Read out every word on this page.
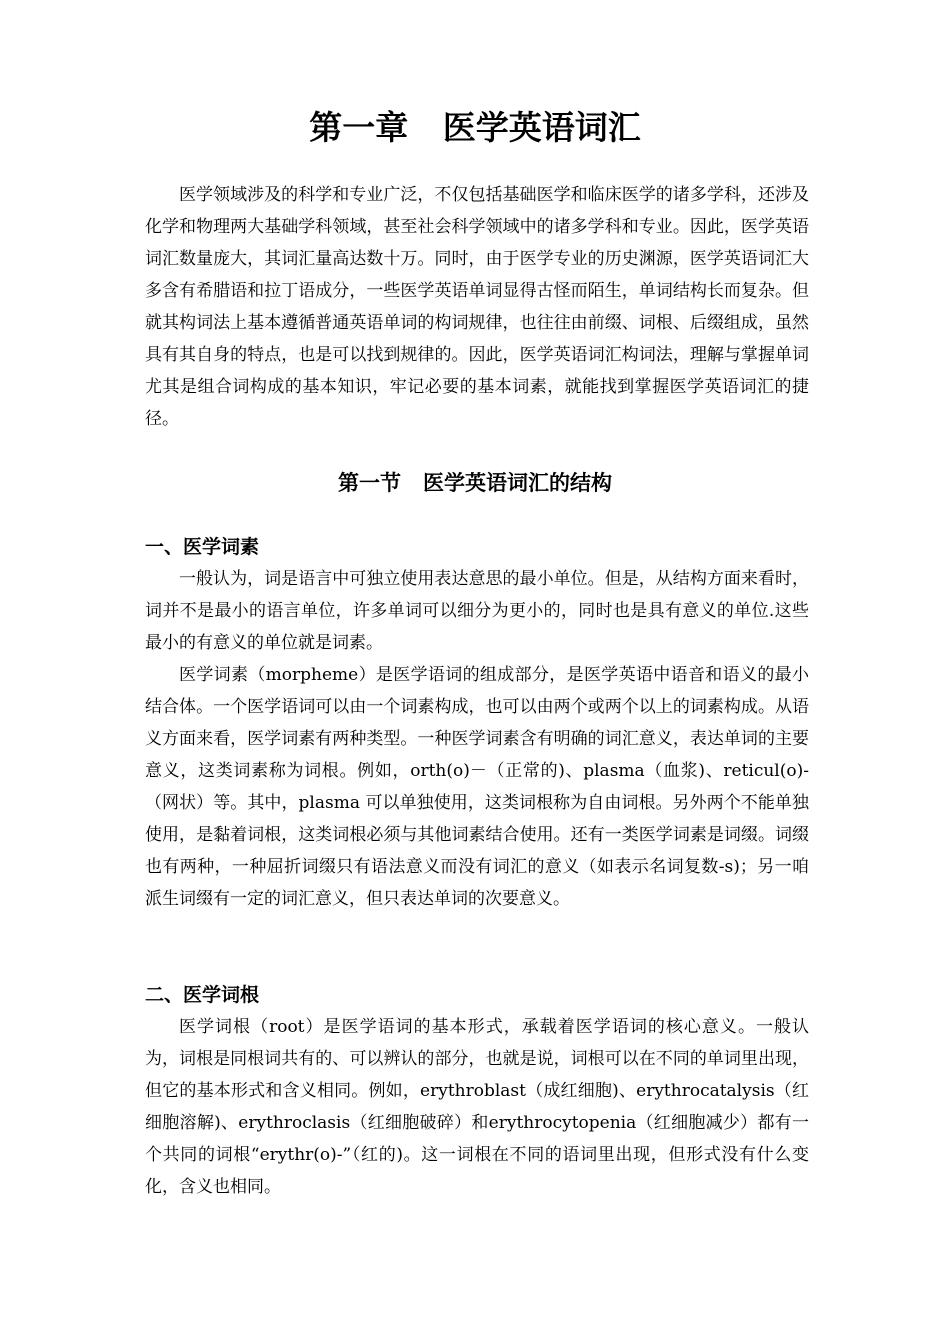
第一章   医学英语词汇

医学领域涉及的科学和专业广泛，不仅包括基础医学和临床医学的诸多学科，还涉及化学和物理两大基础学科领域，甚至社会科学领域中的诸多学科和专业。因此，医学英语词汇数量庞大，其词汇量高达数十万。同时，由于医学专业的历史渊源，医学英语词汇大多含有希腊语和拉丁语成分，一些医学英语单词显得古怪而陌生，单词结构长而复杂。但就其构词法上基本遵循普通英语单词的构词规律，也往往由前缀、词根、后缀组成，虽然具有其自身的特点，也是可以找到规律的。因此，医学英语词汇构词法，理解与掌握单词尤其是组合词构成的基本知识，牢记必要的基本词素，就能找到掌握医学英语词汇的捷径。

第一节   医学英语词汇的结构
一、医学词素

一般认为，词是语言中可独立使用表达意思的最小单位。但是，从结构方面来看时，词并不是最小的语言单位，许多单词可以细分为更小的，同时也是具有意义的单位.这些最小的有意义的单位就是词素。

医学词素（morpheme）是医学语词的组成部分，是医学英语中语音和语义的最小结合体。一个医学语词可以由一个词素构成，也可以由两个或两个以上的词素构成。从语义方面来看，医学词素有两种类型。一种医学词素含有明确的词汇意义，表达单词的主要意义，这类词素称为词根。例如，orth(o)－（正常的)、plasma（血浆)、reticul(o)-（网状）等。其中，plasma 可以单独使用，这类词根称为自由词根。另外两个不能单独使用，是黏着词根，这类词根必须与其他词素结合使用。还有一类医学词素是词缀。词缀也有两种，一种屈折词缀只有语法意义而没有词汇的意义（如表示名词复数-s)；另一咱派生词缀有一定的词汇意义，但只表达单词的次要意义。

二、医学词根

医学词根（root）是医学语词的基本形式，承载着医学语词的核心意义。一般认为，词根是同根词共有的、可以辨认的部分，也就是说，词根可以在不同的单词里出现，但它的基本形式和含义相同。例如，erythroblast（成红细胞)、erythrocatalysis（红细胞溶解)、erythroclasis（红细胞破碎）和erythrocytopenia（红细胞减少）都有一个共同的词根“erythr(o)-”（红的)。这一词根在不同的语词里出现，但形式没有什么变化，含义也相同。
